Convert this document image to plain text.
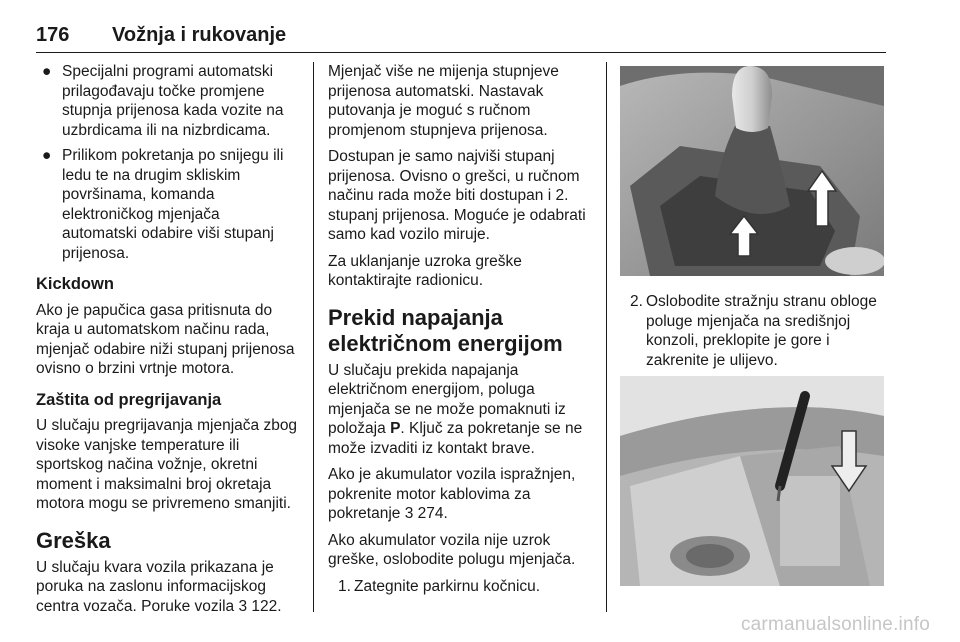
176 Vožnja i rukovanje
● Specijalni programi automatski prilagođavaju točke promjene stupnja prijenosa kada vozite na uzbrdicama ili na nizbrdicama.
● Prilikom pokretanja po snijegu ili ledu te na drugim skliskim površinama, komanda elektroničkog mjenjača automatski odabire viši stupanj prijenosa.
Kickdown

Ako je papučica gasa pritisnuta do kraja u automatskom načinu rada, mjenjač odabire niži stupanj prijenosa ovisno o brzini vrtnje motora.

Zaštita od pregrijavanja

U slučaju pregrijavanja mjenjača zbog visoke vanjske temperature ili sportskog načina vožnje, okretni moment i maksimalni broj okretaja motora mogu se privremeno smanjiti.

Greška

U slučaju kvara vozila prikazana je poruka na zaslonu informacijskog centra vozača. Poruke vozila 3 122.

Mjenjač više ne mijenja stupnjeve prijenosa automatski. Nastavak putovanja je moguć s ručnom promjenom stupnjeva prijenosa.

Dostupan je samo najviši stupanj prijenosa. Ovisno o grešci, u ručnom načinu rada može biti dostupan i 2. stupanj prijenosa. Moguće je odabrati samo kad vozilo miruje.

Za uklanjanje uzroka greške kontaktirajte radionicu.

Prekid napajanja
električnom energijom

U slučaju prekida napajanja električnom energijom, poluga mjenjača se ne može pomaknuti iz položaja P. Ključ za pokretanje se ne može izvaditi iz kontakt brave.

Ako je akumulator vozila ispražnjen, pokrenite motor kablovima za pokretanje 3 274.

Ako akumulator vozila nije uzrok greške, oslobodite polugu mjenjača.

1. Zategnite parkirnu kočnicu.
2. Oslobodite stražnju stranu obloge poluge mjenjača na središnjoj konzoli, preklopite je gore i zakrenite je ulijevo.
carmanualsonline.info
